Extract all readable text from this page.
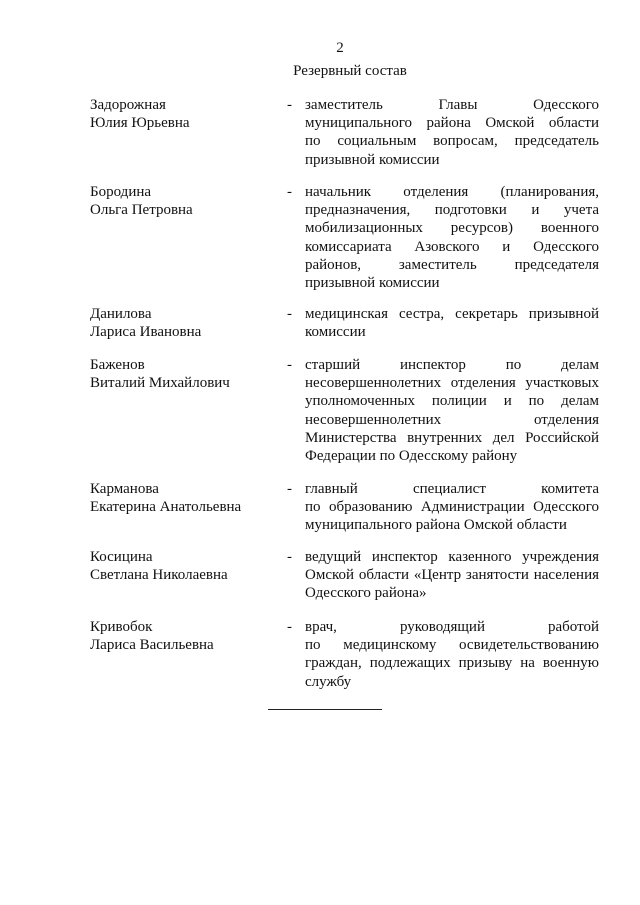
2
Резервный состав
Задорожная
Юлия Юрьевна
- заместитель Главы Одесского
муниципального района Омской области
по социальным вопросам, председатель
призывной комиссии
Бородина
Ольга Петровна
- начальник отделения (планирования,
предназначения, подготовки и учета
мобилизационных ресурсов) военного
комиссариата Азовского и Одесского
районов, заместитель председателя
призывной комиссии
Данилова
Лариса Ивановна
- медицинская сестра, секретарь призывной
комиссии
Баженов
Виталий Михайлович
- старший инспектор по делам
несовершеннолетних отделения участковых
уполномоченных полиции и по делам
несовершеннолетних отделения
Министерства внутренних дел Российской
Федерации по Одесскому району
Карманова
Екатерина Анатольевна
- главный специалист комитета
по образованию Администрации Одесского
муниципального района Омской области
Косицина
Светлана Николаевна
- ведущий инспектор казенного учреждения
Омской области «Центр занятости населения
Одесского района»
Кривобок
Лариса Васильевна
- врач, руководящий работой
по медицинскому освидетельствованию
граждан, подлежащих призыву на военную
службу
